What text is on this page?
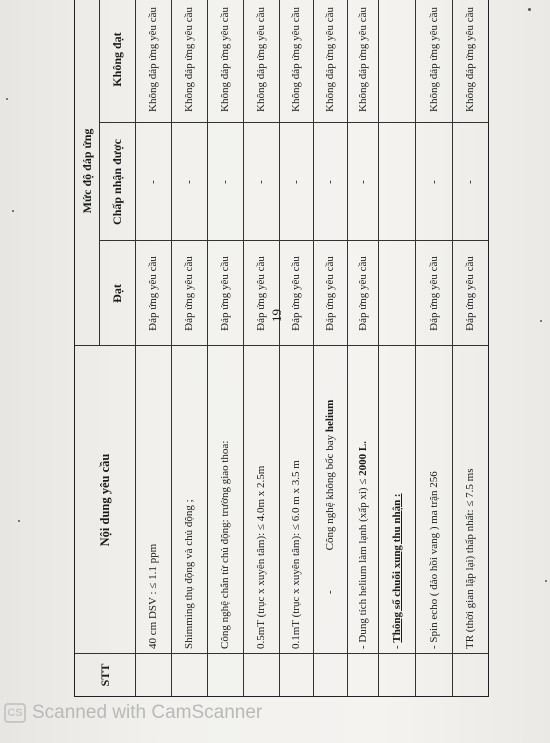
STT
Nội dung yêu cầu
Mức độ đáp ứng
Đạt
Chấp nhận được
Không đạt
40 cm DSV : ≤ 1.1 ppm
Đáp ứng yêu cầu
-
Không đáp ứng yêu cầu
Shimming thụ động và chủ động ;
Đáp ứng yêu cầu
-
Không đáp ứng yêu cầu
Công nghệ chắn từ chủ động: trường giao thoa:
Đáp ứng yêu cầu
-
Không đáp ứng yêu cầu
0.5mT (trục x xuyên tâm): ≤ 4.0m x 2.5m
Đáp ứng yêu cầu
-
Không đáp ứng yêu cầu
0.1mT (trục x xuyên tâm): ≤ 6.0 m x 3.5 m
Đáp ứng yêu cầu
-
Không đáp ứng yêu cầu
-
Công nghệ không bốc bay
helium
Đáp ứng yêu cầu
-
Không đáp ứng yêu cầu
- Dung tích helium làm lạnh (xấp xỉ) ≤
2000 L.
Đáp ứng yêu cầu
-
Không đáp ứng yêu cầu
-
Thông số chuỗi xung thu nhận :	- Spin echo ( đảo hồi vang ) ma trận 256
Đáp ứng yêu cầu
-
Không đáp ứng yêu cầu
TR (thời gian lặp lại) thấp nhất: ≤ 7.5 ms
Đáp ứng yêu cầu
-
Không đáp ứng yêu cầu
19
CS Scanned with CamScanner
